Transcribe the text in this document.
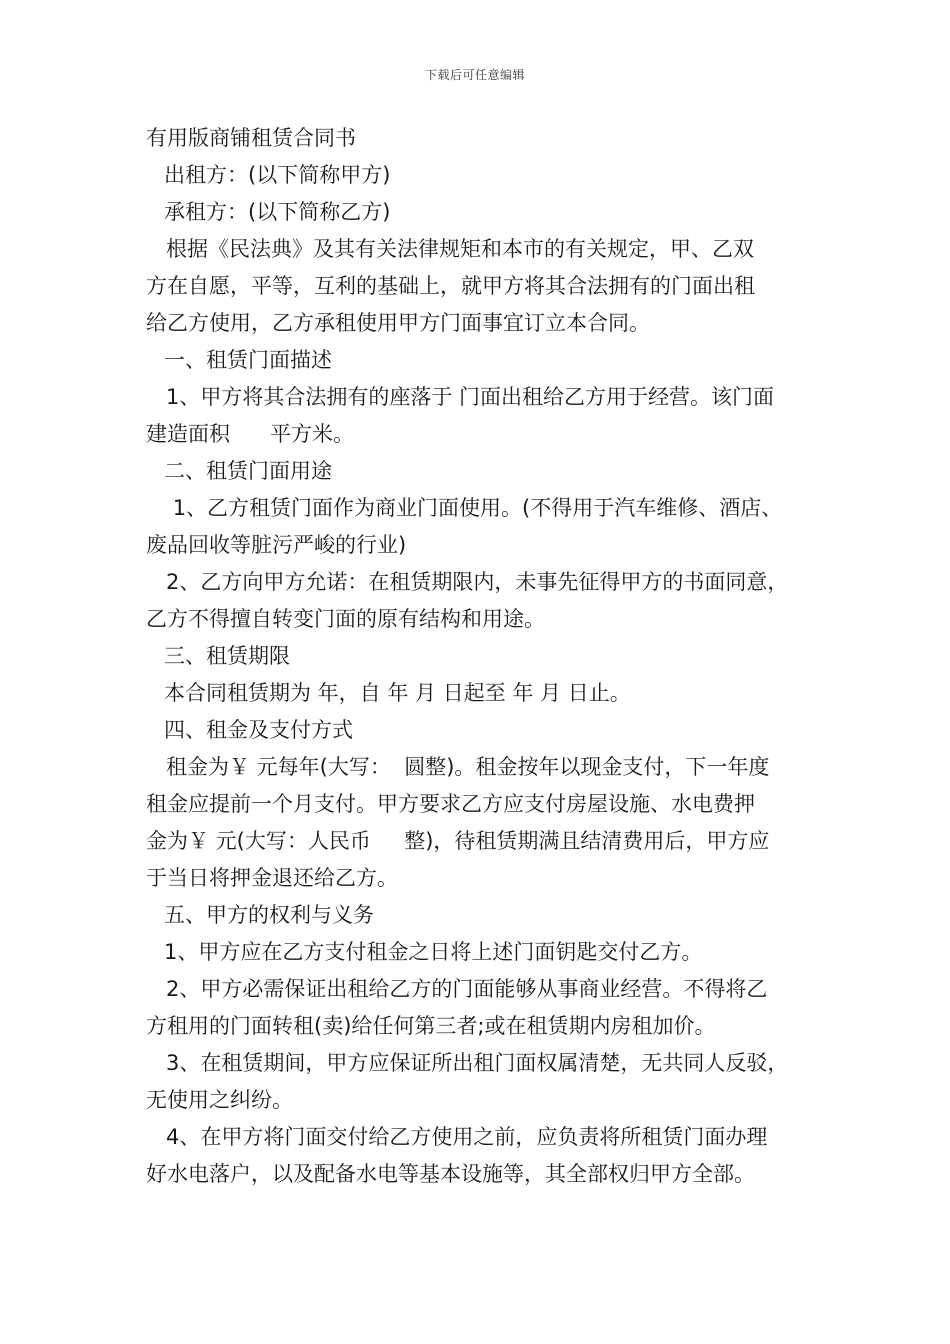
下载后可任意编辑

有用版商铺租赁合同书

出租方：(以下简称甲方)

承租方：(以下简称乙方)

根据《民法典》及其有关法律规矩和本市的有关规定，甲、乙双

方在自愿，平等，互利的基础上，就甲方将其合法拥有的门面出租

给乙方使用，乙方承租使用甲方门面事宜订立本合同。

一、租赁门面描述

1、甲方将其合法拥有的座落于 门面出租给乙方用于经营。该门面

建造面积      平方米。

二、租赁门面用途

1、乙方租赁门面作为商业门面使用。(不得用于汽车维修、酒店、

废品回收等脏污严峻的行业)

2、乙方向甲方允诺：在租赁期限内，未事先征得甲方的书面同意，

乙方不得擅自转变门面的原有结构和用途。

三、租赁期限

本合同租赁期为 年，自 年 月 日起至 年 月 日止。

四、租金及支付方式

租金为￥ 元每年(大写：  圆整)。租金按年以现金支付，下一年度

租金应提前一个月支付。甲方要求乙方应支付房屋设施、水电费押

金为￥ 元(大写：人民币     整)，待租赁期满且结清费用后，甲方应

于当日将押金退还给乙方。

五、甲方的权利与义务

1、甲方应在乙方支付租金之日将上述门面钥匙交付乙方。

2、甲方必需保证出租给乙方的门面能够从事商业经营。不得将乙

方租用的门面转租(卖)给任何第三者;或在租赁期内房租加价。

3、在租赁期间，甲方应保证所出租门面权属清楚，无共同人反驳，

无使用之纠纷。

4、在甲方将门面交付给乙方使用之前，应负责将所租赁门面办理

好水电落户，以及配备水电等基本设施等，其全部权归甲方全部。
